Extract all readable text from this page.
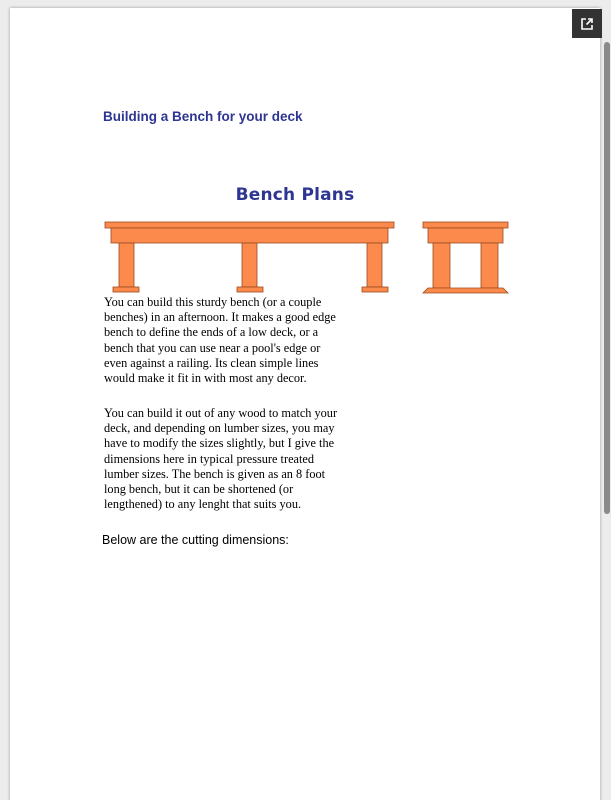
Building a Bench for your deck
Bench Plans

You can build this sturdy bench (or a couple benches) in an afternoon. It makes a good edge bench to define the ends of a low deck, or a bench that you can use near a pool's edge or even against a railing. Its clean simple lines would make it fit in with most any decor.

You can build it out of any wood to match your deck, and depending on lumber sizes, you may have to modify the sizes slightly, but I give the dimensions here in typical pressure treated lumber sizes. The bench is given as an 8 foot long bench, but it can be shortened (or lengthened) to any lenght that suits you.

Below are the cutting dimensions:
